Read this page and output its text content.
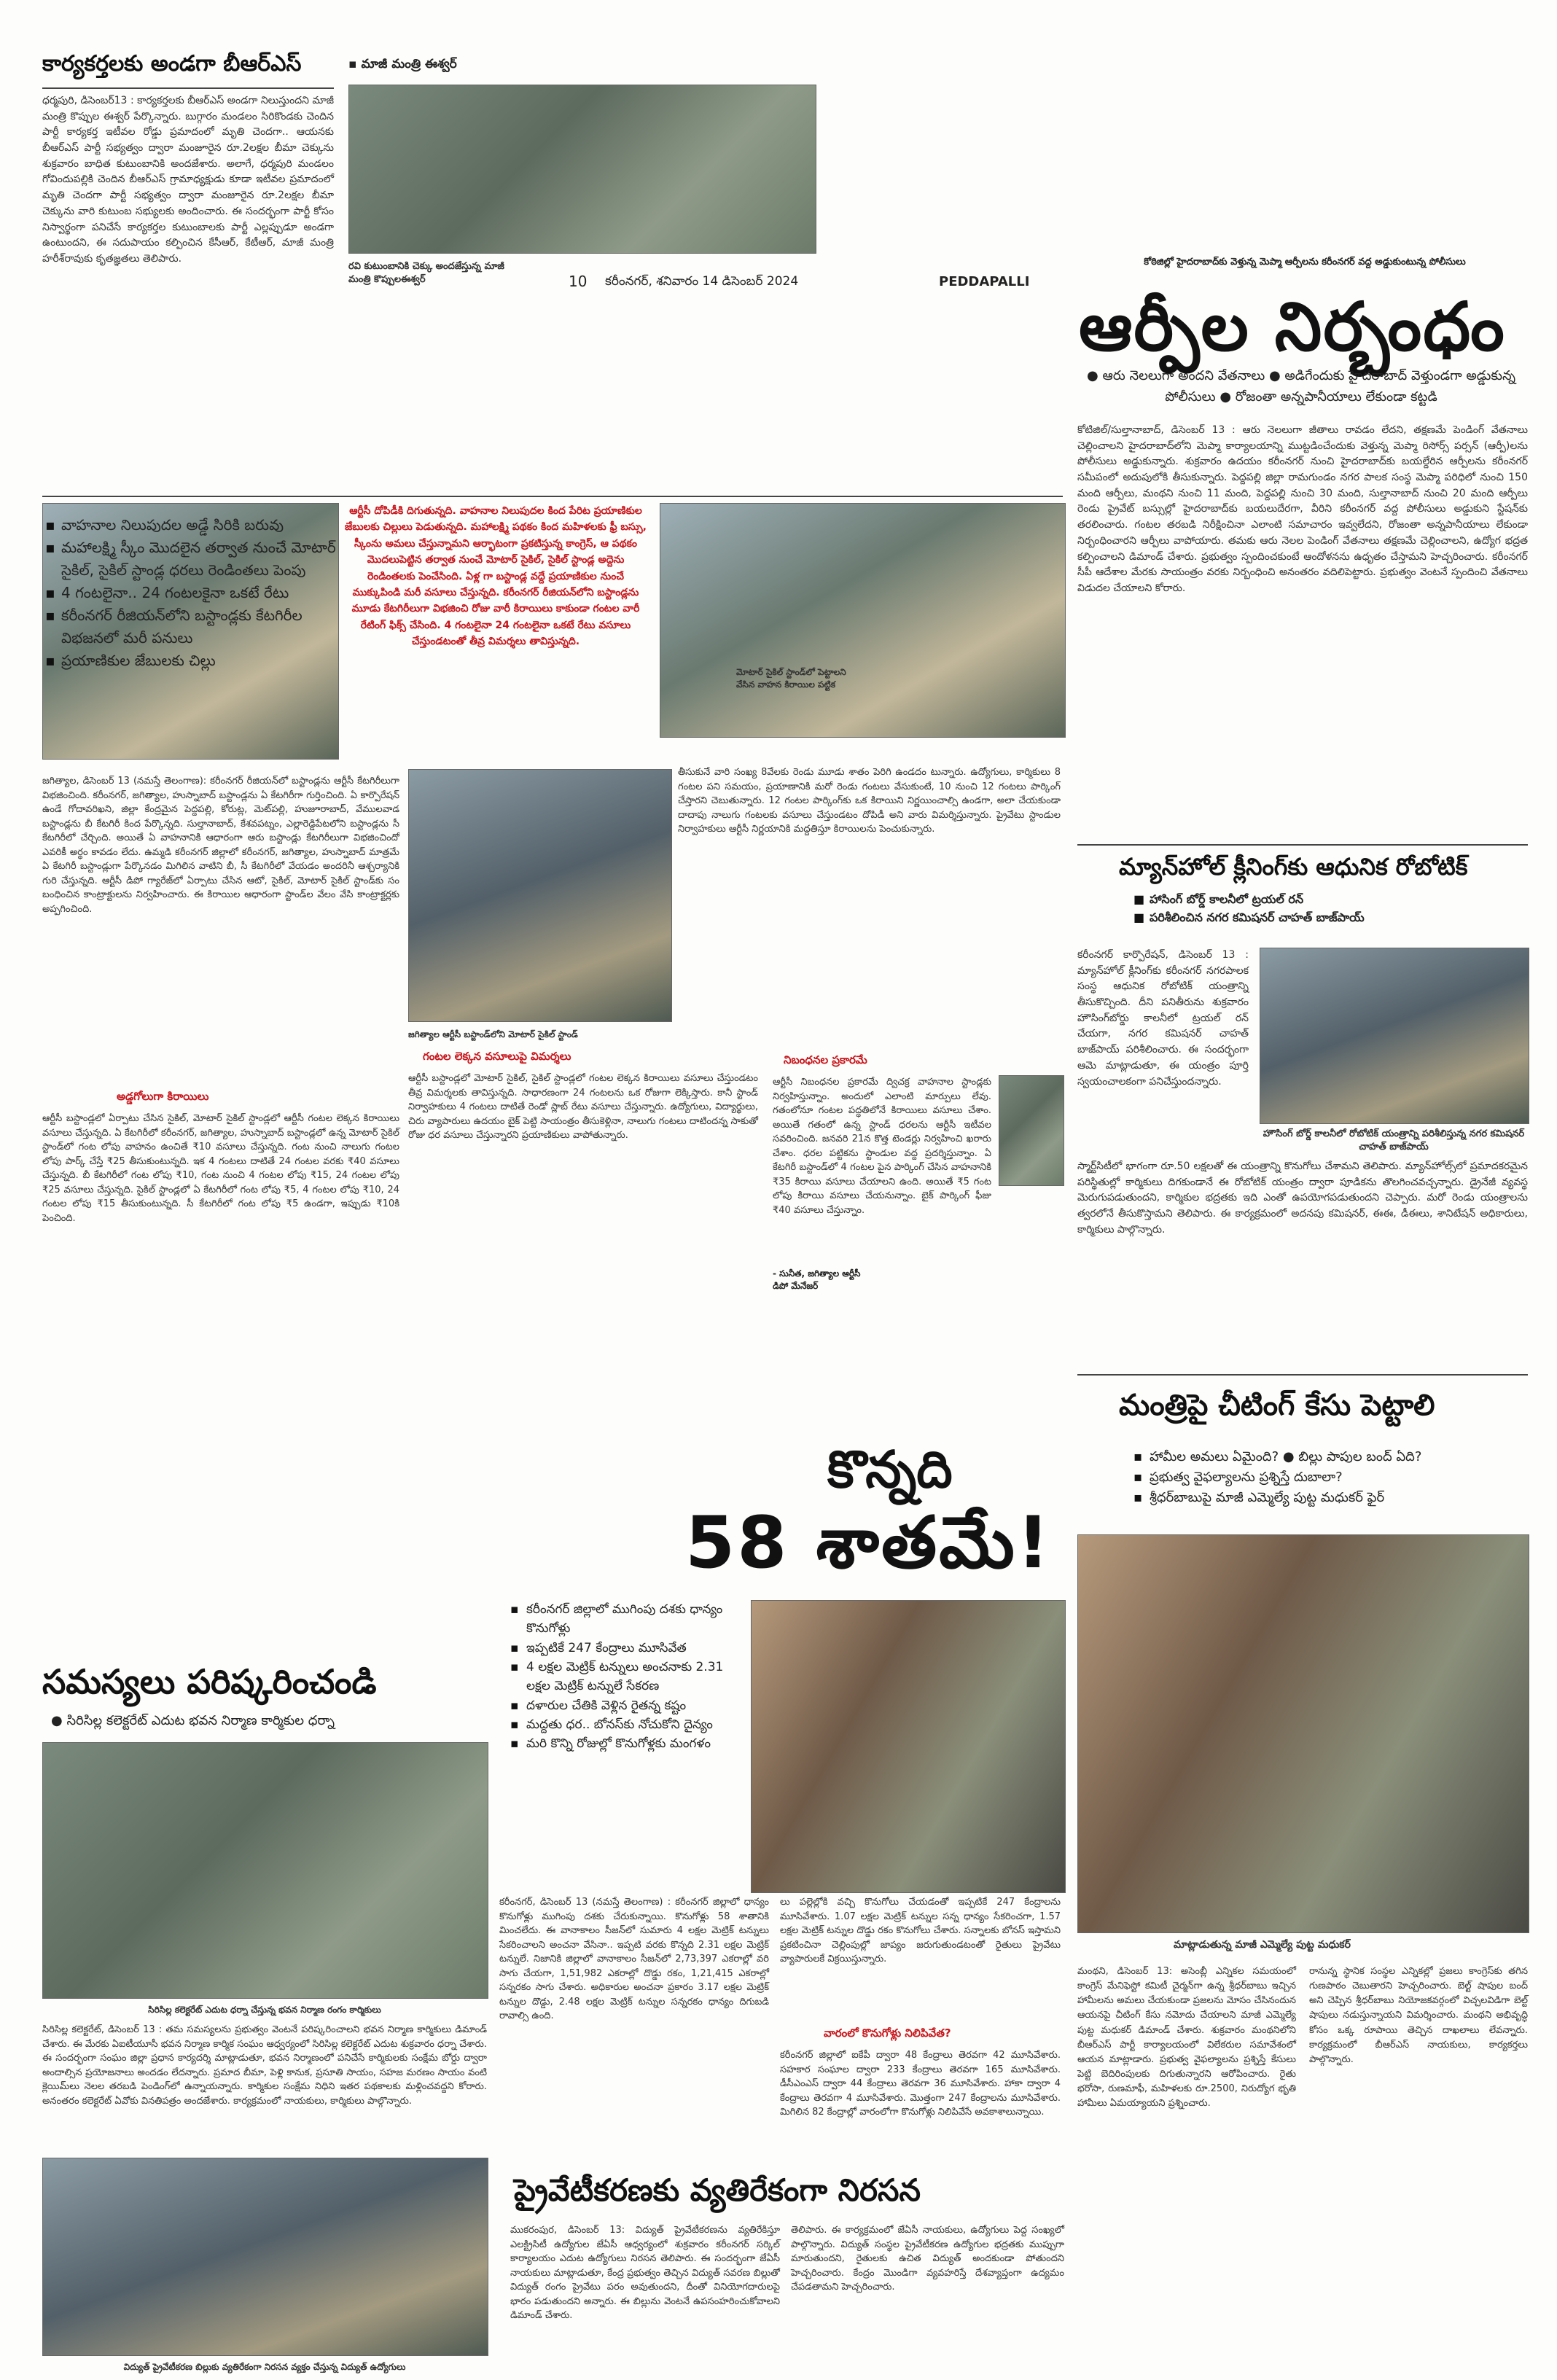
కార్యకర్తలకు అండగా బీఆర్‌ఎస్‌	▪ మాజీ మంత్రి ఈశ్వర్‌
ధర్మపురి, డిసెంబర్‌13 : కార్యకర్తలకు బీఆర్‌ఎస్‌ అండగా నిలుస్తుందని మాజీ మంత్రి కొప్పుల ఈశ్వర్‌ పేర్కొన్నారు. బుగ్గారం మండలం సిరికొండకు చెందిన పార్టీ కార్యకర్త ఇటీవల రోడ్డు ప్రమాదంలో మృతి చెందగా.. ఆయనకు బీఆర్‌ఎస్‌ పార్టీ సభ్యత్వం ద్వారా మంజూరైన రూ.2లక్షల బీమా చెక్కును శుక్రవారం బాధిత కుటుంబానికి అందజేశారు. అలాగే, ధర్మపురి మండలం గోవిందుపల్లికి చెందిన బీఆర్‌ఎస్‌ గ్రామాధ్యక్షుడు కూడా ఇటీవల ప్రమాదంలో మృతి చెందగా పార్టీ సభ్యత్వం ద్వారా మంజూరైన రూ.2లక్షల బీమా చెక్కును వారి కుటుంబ సభ్యులకు అందించారు. ఈ సందర్భంగా పార్టీ కోసం నిస్వార్థంగా పనిచేసే కార్యకర్తల కుటుంబాలకు పార్టీ ఎల్లప్పుడూ అండగా ఉంటుందని, ఈ సదుపాయం కల్పించిన కేసీఆర్‌, కేటీఆర్‌, మాజీ మంత్రి హరీశ్‌రావుకు కృతజ్ఞతలు తెలిపారు.
రవి కుటుంబానికి చెక్కు అందజేస్తున్న మాజీ మంత్రి కొప్పులఈశ్వర్‌	10 కరీంనగర్‌, శనివారం 14 డిసెంబర్‌ 2024	PEDDAPALLI
కోఠిజిల్లో హైదరాబాద్‌కు వెళ్తున్న మెప్మా ఆర్పీలను కరీంనగర్‌ వద్ద అడ్డుకుంటున్న పోలీసులు
ఆర్పీల నిర్బంధం
● ఆరు నెలలుగా అందని వేతనాలు ● అడిగేందుకు హైదరాబాద్‌ వెళ్తుండగా అడ్డుకున్న పోలీసులు ● రోజంతా అన్నపానీయాలు లేకుండా కట్టడి
కోటిజిల్‌/సుల్తానాబాద్‌, డిసెంబర్‌ 13 : ఆరు నెలలుగా జీతాలు రావడం లేదని, తక్షణమే పెండింగ్‌ వేతనాలు చెల్లించాలని హైదరాబాద్‌లోని మెప్మా కార్యాలయాన్ని ముట్టడించేందుకు వెళ్తున్న మెప్మా రిసోర్స్‌ పర్సన్‌ (ఆర్పీ)లను పోలీసులు అడ్డుకున్నారు. శుక్రవారం ఉదయం కరీంనగర్‌ నుంచి హైదరాబాద్‌కు బయల్దేరిన ఆర్పీలను కరీంనగర్‌ సమీపంలో అదుపులోకి తీసుకున్నారు. పెద్దపల్లి జిల్లా రామగుండం నగర పాలక సంస్థ మెప్మా పరిధిలో నుంచి 150 మంది ఆర్పీలు, మంథని నుంచి 11 మంది, పెద్దపల్లి నుంచి 30 మంది, సుల్తానాబాద్‌ నుంచి 20 మంది ఆర్పీలు రెండు ప్రైవేట్‌ బస్సుల్లో హైదరాబాద్‌కు బయలుదేరగా, వీరిని కరీంనగర్‌ వద్ద పోలీసులు అడ్డుకుని స్టేషన్‌కు తరలించారు. గంటల తరబడి నిరీక్షించినా ఎలాంటి సమాచారం ఇవ్వలేదని, రోజంతా అన్నపానీయాలు లేకుండా నిర్బంధించారని ఆర్పీలు వాపోయారు. తమకు ఆరు నెలల పెండింగ్‌ వేతనాలు తక్షణమే చెల్లించాలని, ఉద్యోగ భద్రత కల్పించాలని డిమాండ్‌ చేశారు. ప్రభుత్వం స్పందించకుంటే ఆందోళనను ఉధృతం చేస్తామని హెచ్చరించారు. కరీంనగర్‌ సీపీ ఆదేశాల మేరకు సాయంత్రం వరకు నిర్బంధించి అనంతరం వదిలిపెట్టారు. ప్రభుత్వం వెంటనే స్పందించి వేతనాలు విడుదల చేయాలని కోరారు.
మ్యాన్‌హోల్‌ క్లీనింగ్‌కు ఆధునిక రోబోటిక్‌
■ హాసింగ్‌ బోర్డ్‌ కాలనీలో ట్రయల్‌ రన్‌
■ పరిశీలించిన నగర కమిషనర్‌ చాహత్‌ బాజ్‌పాయ్‌
కరీంనగర్‌ కార్పొరేషన్‌, డిసెంబర్‌ 13 : మ్యాన్‌హోల్‌ క్లీనింగ్‌కు కరీంనగర్‌ నగరపాలక సంస్థ ఆధునిక రోబోటిక్‌ యంత్రాన్ని తీసుకొచ్చింది. దీని పనితీరును శుక్రవారం హౌసింగ్‌బోర్డు కాలనీలో ట్రయల్‌ రన్‌ చేయగా, నగర కమిషనర్‌ చాహత్‌ బాజ్‌పాయ్‌ పరిశీలించారు. ఈ సందర్భంగా ఆమె మాట్లాడుతూ, ఈ యంత్రం పూర్తి స్వయంచాలకంగా పనిచేస్తుందన్నారు.
హౌసింగ్‌ బోర్డ్‌ కాలనీలో రోబోటిక్‌ యంత్రాన్ని పరిశీలిస్తున్న నగర కమిషనర్‌ చాహత్‌ బాజ్‌పాయ్‌
స్మార్ట్‌సిటీలో భాగంగా రూ.50 లక్షలతో ఈ యంత్రాన్ని కొనుగోలు చేశామని తెలిపారు. మ్యాన్‌హోల్స్‌లో ప్రమాదకరమైన పరిస్థితుల్లో కార్మికులు దిగకుండానే ఈ రోబోటిక్‌ యంత్రం ద్వారా పూడికను తొలగించవచ్చన్నారు. డ్రైనేజీ వ్యవస్థ మెరుగుపడుతుందని, కార్మికుల భద్రతకు ఇది ఎంతో ఉపయోగపడుతుందని చెప్పారు. మరో రెండు యంత్రాలను త్వరలోనే తీసుకొస్తామని తెలిపారు. ఈ కార్యక్రమంలో అదనపు కమిషనర్‌, ఈఈ, డీఈలు, శానిటేషన్‌ అధికారులు, కార్మికులు పాల్గొన్నారు.
మంత్రిపై చీటింగ్‌ కేసు పెట్టాలి
▪ హామీల అమలు ఏమైంది? ● బిల్లు పాపుల బంద్‌ ఏది?
▪ ప్రభుత్వ వైఫల్యాలను ప్రశ్నిస్తే దుబాలా?
▪ శ్రీధర్‌బాబుపై మాజీ ఎమ్మెల్యే పుట్ట మధుకర్‌ ఫైర్‌
మాట్లాడుతున్న మాజీ ఎమ్మెల్యే పుట్ట మధుకర్‌
మంథని, డిసెంబర్‌ 13: అసెంబ్లీ ఎన్నికల సమయంలో కాంగ్రెస్‌ మేనిఫెస్టో కమిటీ చైర్మన్‌గా ఉన్న శ్రీధర్‌బాబు ఇచ్చిన హామీలను అమలు చేయకుండా ప్రజలను మోసం చేసినందున ఆయనపై చీటింగ్‌ కేసు నమోదు చేయాలని మాజీ ఎమ్మెల్యే పుట్ట మధుకర్‌ డిమాండ్‌ చేశారు. శుక్రవారం మంథనిలోని బీఆర్‌ఎస్‌ పార్టీ కార్యాలయంలో విలేకరుల సమావేశంలో ఆయన మాట్లాడారు. ప్రభుత్వ వైఫల్యాలను ప్రశ్నిస్తే కేసులు పెట్టి బెదిరింపులకు దిగుతున్నారని ఆరోపించారు. రైతు భరోసా, రుణమాఫీ, మహిళలకు రూ.2500, నిరుద్యోగ భృతి హామీలు ఏమయ్యాయని ప్రశ్నించారు.
రానున్న స్థానిక సంస్థల ఎన్నికల్లో ప్రజలు కాంగ్రెస్‌కు తగిన గుణపాఠం చెబుతారని హెచ్చరించారు. బెల్ట్‌ షాపుల బంద్‌ అని చెప్పిన శ్రీధర్‌బాబు నియోజకవర్గంలో విచ్చలవిడిగా బెల్ట్‌ షాపులు నడుస్తున్నాయని విమర్శించారు. మంథని అభివృద్ధి కోసం ఒక్క రూపాయి తెచ్చిన దాఖలాలు లేవన్నారు. కార్యక్రమంలో బీఆర్‌ఎస్‌ నాయకులు, కార్యకర్తలు పాల్గొన్నారు.
▪ వాహనాల నిలుపుదల అడ్డే సిరికి బరువు
▪ మహాలక్ష్మి స్కీం మొదలైన తర్వాత నుంచే మోటార్‌ సైకిల్‌, సైకిల్‌ స్టాండ్ల ధరలు రెండింతలు పెంపు
▪ 4 గంటలైనా.. 24 గంటలకైనా ఒకటే రేటు
▪ కరీంనగర్‌ రీజియన్‌లోని బస్టాండ్లకు కేటగిరీల విభజనలో మరీ పనులు
▪ ప్రయాణికుల జేబులకు చిల్లు
ఆర్టీసీ దోపిడీకి దిగుతున్నది. వాహనాల నిలుపుదల కింద పేరిట ప్రయాణికుల జేబులకు చిల్లులు పెడుతున్నది. మహాలక్ష్మి పథకం కింద మహిళలకు ఫ్రీ బస్సు, స్కీంను అమలు చేస్తున్నామని ఆర్భాటంగా ప్రకటిస్తున్న కాంగ్రెస్‌, ఆ పథకం మొదలుపెట్టిన తర్వాత నుంచే మోటార్‌ సైకిల్‌, సైకిల్‌ స్టాండ్ల అద్దెను రెండింతలకు పెంచేసింది. ఏళ్ల గా బస్టాండ్ల వద్దే ప్రయాణికుల నుంచే ముక్కుపిండి మరీ వసూలు చేస్తున్నది. కరీంనగర్‌ రీజియన్‌లోని బస్టాండ్లను మూడు కేటగిరీలుగా విభజించి రోజు వారీ కిరాయిలు కాకుండా గంటల వారీ రేటింగ్ ఫిక్స్ చేసింది. 4 గంటలైనా 24 గంటలైనా ఒకటే రేటు వసూలు చేస్తుండటంతో తీవ్ర విమర్శలు తావిస్తున్నది.
మోటార్‌ సైకిల్‌ స్టాండ్‌లో పెట్టాలని వేసిన వాహన కిరాయిల పట్టిక
జగిత్యాల, డిసెంబర్‌ 13 (నమస్తే తెలంగాణ): కరీంనగర్‌ రీజియన్‌లో బస్టాండ్లను ఆర్టీసీ కేటగిరీలుగా విభజించింది. కరీంనగర్‌, జగిత్యాల, హుస్నాబాద్‌ బస్టాండ్లను ఏ కేటగిరీగా గుర్తించింది. ఏ కార్పొరేషన్‌ ఉండే గోదావరిఖని, జిల్లా కేంద్రమైన పెద్దపల్లి, కోరుట్ల, మెట్‌పల్లి, హుజూరాబాద్‌, వేములవాడ బస్టాండ్లను బీ కేటగిరీ కింద పేర్కొన్నది. సుల్తానాబాద్‌, కేశవపట్నం, ఎల్లారెడ్డిపేటలోని బస్టాండ్లను సీ కేటగిరీలో చేర్చింది. అయితే ఏ వాహనానికి ఆధారంగా ఆరు బస్టాండ్లు కేటగిరీలుగా విభజించిందో ఎవరికీ అర్థం కావడం లేదు. ఉమ్మడి కరీంనగర్‌ జిల్లాలో కరీంనగర్‌, జగిత్యాల, హుస్నాబాద్‌ మాత్రమే ఏ కేటగిరీ బస్టాండ్లుగా పేర్కొనడం మిగిలిన వాటిని బీ, సీ కేటగిరీలో వేయడం అందరినీ ఆశ్చర్యానికి గురి చేస్తున్నది. ఆర్టీసీ డిపో గ్యారేజ్‌లో ఏర్పాటు చేసిన ఆటో, సైకిల్‌, మోటార్‌ సైకిల్‌ స్టాండ్‌కు సం బంధించిన కాంట్రాక్టులను నిర్వహించారు. ఈ కిరాయిల ఆధారంగా స్టాండ్‌ల వేలం వేసి కాంట్రాక్టర్లకు అప్పగించింది.
తీసుకునే వారి సంఖ్య 8వేలకు రెండు మూడు శాతం పెరిగి ఉండదం టున్నారు. ఉద్యోగులు, కార్మికులు 8 గంటల పని సమయం, ప్రయాణానికి మరో రెండు గంటలు వేసుకుంటే, 10 నుంచి 12 గంటలు పార్కింగ్‌ చేస్తారని చెబుతున్నారు. 12 గంటల పార్కింగ్‌కు ఒక కిరాయిని నిర్ణయించాల్సి ఉండగా, అలా చేయకుండా దాదాపు నాలుగు గంటలకు వసూలు చేస్తుండటం దోపిడీ అని వారు విమర్శిస్తున్నారు. ప్రైవేటు స్టాండుల నిర్వాహకులు ఆర్టీసీ నిర్ణయానికి మద్దతిస్తూ కిరాయిలను పెంచుకున్నారు.
జగిత్యాల ఆర్టీసీ బస్టాండ్‌లోని మోటార్‌ సైకిల్‌ స్టాండ్‌
గంటల లెక్కన వసూలుపై విమర్శలు
ఆర్టీసీ బస్టాండ్లలో మోటార్‌ సైకిల్‌, సైకిల్‌ స్టాండ్లలో గంటల లెక్కన కిరాయిలు వసూలు చేస్తుండటం తీవ్ర విమర్శలకు తావిస్తున్నది. సాధారణంగా 24 గంటలను ఒక రోజుగా లెక్కిస్తారు. కానీ స్టాండ్‌ నిర్వాహకులు 4 గంటలు దాటితే రెండో స్లాబ్‌ రేటు వసూలు చేస్తున్నారు. ఉద్యోగులు, విద్యార్థులు, చిరు వ్యాపారులు ఉదయం బైక్‌ పెట్టి సాయంత్రం తీసుకెళ్లినా, నాలుగు గంటలు దాటిందన్న సాకుతో రోజు ధర వసూలు చేస్తున్నారని ప్రయాణికులు వాపోతున్నారు.
అడ్డగోలుగా కిరాయిలు
ఆర్టీసీ బస్టాండ్లలో ఏర్పాటు చేసిన సైకిల్‌, మోటార్‌ సైకిల్‌ స్టాండ్లలో ఆర్టీసీ గంటల లెక్కన కిరాయిలు వసూలు చేస్తున్నది. ఏ కేటగిరీలో కరీంనగర్‌, జగిత్యాల, హుస్నాబాద్‌ బస్టాండ్లలో ఉన్న మోటార్‌ సైకిల్‌ స్టాండ్‌లో గంట లోపు వాహనం ఉంచితే ₹10 వసూలు చేస్తున్నది. గంట నుంచి నాలుగు గంటల లోపు పార్క్‌ చేస్తే ₹25 తీసుకుంటున్నది. ఇక 4 గంటలు దాటితే 24 గంటల వరకు ₹40 వసూలు చేస్తున్నది. బీ కేటగిరీలో గంట లోపు ₹10, గంట నుంచి 4 గంటల లోపు ₹15, 24 గంటల లోపు ₹25 వసూలు చేస్తున్నది. సైకిల్‌ స్టాండ్లలో ఏ కేటగిరీలో గంట లోపు ₹5, 4 గంటల లోపు ₹10, 24 గంటల లోపు ₹15 తీసుకుంటున్నది. సీ కేటగిరీలో గంట లోపు ₹5 ఉండగా, ఇప్పుడు ₹10కి పెంచింది.
నిబంధనల ప్రకారమే
ఆర్టీసీ నిబంధనల ప్రకారమే ద్విచక్ర వాహనాల స్టాండ్లకు నిర్వహిస్తున్నాం. అందులో ఎలాంటి మార్పులు లేవు. గతంలోనూ గంటల పద్ధతిలోనే కిరాయిలు వసూలు చేశాం. అయితే గతంలో ఉన్న స్టాండ్‌ ధరలను ఆర్టీసీ ఇటీవల సవరించింది. జనవరి 21న కొత్త టెండర్లు నిర్వహించి ఖరారు చేశాం. ధరల పట్టికను స్టాండుల వద్ద ప్రదర్శిస్తున్నాం. ఏ కేటగిరీ బస్టాండ్‌లో 4 గంటల పైన పార్కింగ్‌ చేసిన వాహనానికి ₹35 కిరాయి వసూలు చేయాలని ఉంది. అయితే ₹5 గంట లోపు కిరాయి వసూలు చేయనున్నాం. బైక్‌ పార్కింగ్‌ ఫీజు ₹40 వసూలు చేస్తున్నాం.
- సునీత, జగిత్యాల ఆర్టీసీ డిపో మేనేజర్‌
కొన్నది
58 శాతమే!
▪ కరీంనగర్‌ జిల్లాలో ముగింపు దశకు ధాన్యం కొనుగోళ్లు
▪ ఇప్పటికే 247 కేంద్రాలు మూసివేత
▪ 4 లక్షల మెట్రిక్‌ టన్నులు అంచనాకు 2.31 లక్షల మెట్రిక్‌ టన్నులే సేకరణ
▪ దళారుల చేతికి వెళ్లిన రైతన్న కష్టం
▪ మద్దతు ధర.. బోనస్‌కు నోచుకోని దైన్యం
▪ మరి కొన్ని రోజుల్లో కొనుగోళ్లకు మంగళం
కరీంనగర్‌, డిసెంబర్‌ 13 (నమస్తే తెలంగాణ) : కరీంనగర్‌ జిల్లాలో ధాన్యం కొనుగోళ్లు ముగింపు దశకు చేరుకున్నాయి. కొనుగోళ్లు 58 శాతానికి మించలేదు. ఈ వానాకాలం సీజన్‌లో సుమారు 4 లక్షల మెట్రిక్‌ టన్నులు సేకరించాలని అంచనా వేసినా.. ఇప్పటి వరకు కొన్నది 2.31 లక్షల మెట్రిక్‌ టన్నులే. నిజానికి జిల్లాలో వానాకాలం సీజన్‌లో 2,73,397 ఎకరాల్లో వరి సాగు చేయగా, 1,51,982 ఎకరాల్లో దొడ్డు రకం, 1,21,415 ఎకరాల్లో సన్నరకం సాగు చేశారు. అధికారుల అంచనా ప్రకారం 3.17 లక్షల మెట్రిక్‌ టన్నుల దొడ్డు, 2.48 లక్షల మెట్రిక్‌ టన్నుల సన్నరకం ధాన్యం దిగుబడి రావాల్సి ఉంది.
లు పల్లెల్లోకి వచ్చి కొనుగోలు చేయడంతో ఇప్పటికే 247 కేంద్రాలను మూసివేశారు. 1.07 లక్షల మెట్రిక్‌ టన్నుల సన్న ధాన్యం సేకరించగా, 1.57 లక్షల మెట్రిక్‌ టన్నుల దొడ్డు రకం కొనుగోలు చేశారు. సన్నాలకు బోనస్‌ ఇస్తామని ప్రకటించినా చెల్లింపుల్లో జాప్యం జరుగుతుండటంతో రైతులు ప్రైవేటు వ్యాపారులకే విక్రయిస్తున్నారు.
వారంలో కొనుగోళ్లు నిలిపివేత?
కరీంనగర్‌ జిల్లాలో ఐకేపీ ద్వారా 48 కేంద్రాలు తెరవగా 42 మూసివేశారు. సహకార సంఘాల ద్వారా 233 కేంద్రాలు తెరవగా 165 మూసివేశారు. డీసీఎంఎస్‌ ద్వారా 44 కేంద్రాలు తెరవగా 36 మూసివేశారు. హాకా ద్వారా 4 కేంద్రాలు తెరవగా 4 మూసివేశారు. మొత్తంగా 247 కేంద్రాలను మూసివేశారు. మిగిలిన 82 కేంద్రాల్లో వారంలోగా కొనుగోళ్లు నిలిపివేసే అవకాశాలున్నాయి.
సమస్యలు పరిష్కరించండి
● సిరిసిల్ల కలెక్టరేట్‌ ఎదుట భవన నిర్మాణ కార్మికుల ధర్నా
సిరిసిల్ల కలెక్టరేట్‌ ఎదుట ధర్నా చేస్తున్న భవన నిర్మాణ రంగం కార్మికులు
సిరిసిల్ల కలెక్టరేట్‌, డిసెంబర్‌ 13 : తమ సమస్యలను ప్రభుత్వం వెంటనే పరిష్కరించాలని భవన నిర్మాణ కార్మికులు డిమాండ్‌ చేశారు. ఈ మేరకు ఏఐటీయూసీ భవన నిర్మాణ కార్మిక సంఘం ఆధ్వర్యంలో సిరిసిల్ల కలెక్టరేట్‌ ఎదుట శుక్రవారం ధర్నా చేశారు. ఈ సందర్భంగా సంఘం జిల్లా ప్రధాన కార్యదర్శి మాట్లాడుతూ, భవన నిర్మాణంలో పనిచేసే కార్మికులకు సంక్షేమ బోర్డు ద్వారా అందాల్సిన ప్రయోజనాలు అందడం లేదన్నారు. ప్రమాద బీమా, పెళ్లి కానుక, ప్రసూతి సాయం, సహజ మరణం సాయం వంటి క్లెయిమ్‌లు నెలల తరబడి పెండింగ్‌లో ఉన్నాయన్నారు. కార్మికుల సంక్షేమ నిధిని ఇతర పథకాలకు మళ్లించవద్దని కోరారు. అనంతరం కలెక్టరేట్‌ ఏవోకు వినతిపత్రం అందజేశారు. కార్యక్రమంలో నాయకులు, కార్మికులు పాల్గొన్నారు.
ప్రైవేటీకరణకు వ్యతిరేకంగా నిరసన
విద్యుత్‌ ప్రైవేటీకరణ బిల్లుకు వ్యతిరేకంగా నిరసన వ్యక్తం చేస్తున్న విద్యుత్‌ ఉద్యోగులు
ముకరంపుర, డిసెంబర్‌ 13: విద్యుత్‌ ప్రైవేటీకరణను వ్యతిరేకిస్తూ ఎలక్ట్రిసిటీ ఉద్యోగుల జేఏసీ ఆధ్వర్యంలో శుక్రవారం కరీంనగర్‌ సర్కిల్‌ కార్యాలయం ఎదుట ఉద్యోగులు నిరసన తెలిపారు. ఈ సందర్భంగా జేఏసీ నాయకులు మాట్లాడుతూ, కేంద్ర ప్రభుత్వం తెచ్చిన విద్యుత్‌ సవరణ బిల్లుతో విద్యుత్‌ రంగం ప్రైవేటు పరం అవుతుందని, దీంతో వినియోగదారులపై భారం పడుతుందని అన్నారు. ఈ బిల్లును వెంటనే ఉపసంహరించుకోవాలని డిమాండ్‌ చేశారు.
తెలిపారు. ఈ కార్యక్రమంలో జేఏసీ నాయకులు, ఉద్యోగులు పెద్ద సంఖ్యలో పాల్గొన్నారు. విద్యుత్‌ సంస్థల ప్రైవేటీకరణ ఉద్యోగుల భద్రతకు ముప్పుగా మారుతుందని, రైతులకు ఉచిత విద్యుత్‌ అందకుండా పోతుందని హెచ్చరించారు. కేంద్రం మొండిగా వ్యవహరిస్తే దేశవ్యాప్తంగా ఉద్యమం చేపడతామని హెచ్చరించారు.
